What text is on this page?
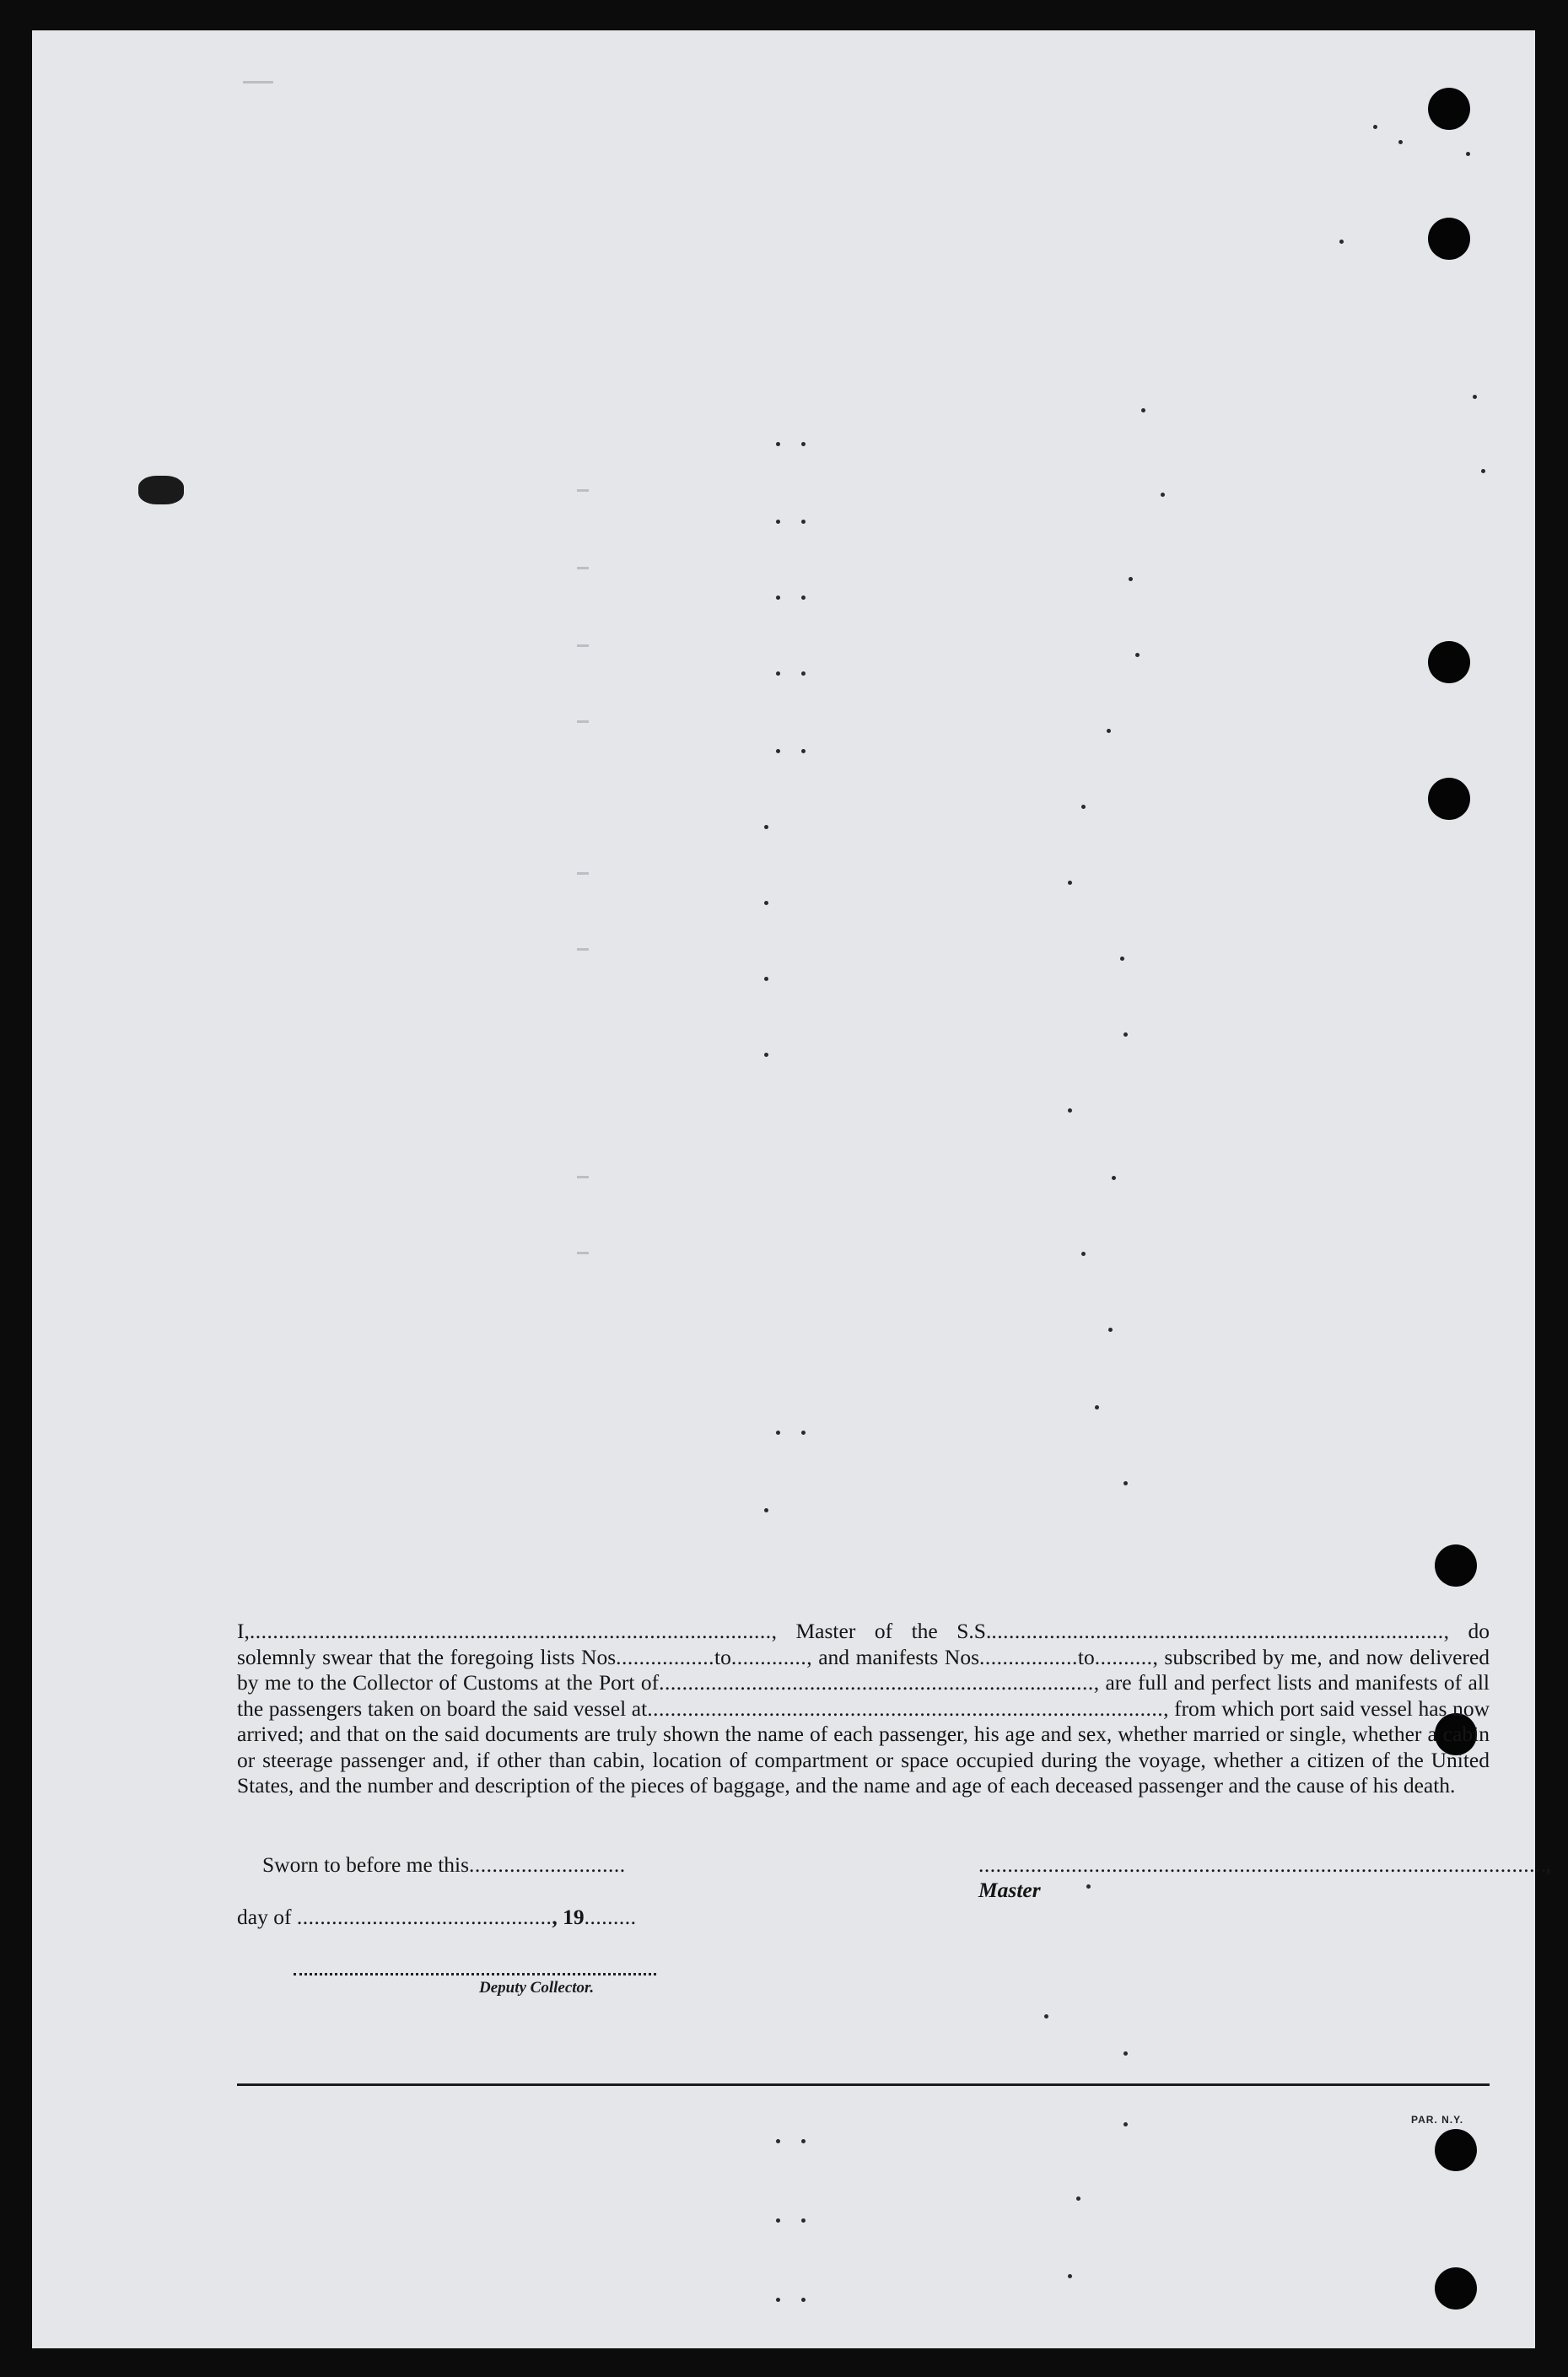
I,.........................................................................................., Master of the S.S..............................................................................., do solemnly swear that the foregoing lists Nos.................to............., and manifests Nos.................to.........., subscribed by me, and now delivered by me to the Collector of Customs at the Port of..........................................................................., are full and perfect lists and manifests of all the passengers taken on board the said vessel at........................................................................................., from which port said vessel has now arrived; and that on the said documents are truly shown the name of each passenger, his age and sex, whether married or single, whether a cabin or steerage passenger and, if other than cabin, location of compartment or space occupied during the voyage, whether a citizen of the United States, and the number and description of the pieces of baggage, and the name and age of each deceased passenger and the cause of his death.

Sworn to before me this...........................	.................................................................................................., Master
day of ............................................, 19.........
Deputy Collector.
PAR. N.Y.
